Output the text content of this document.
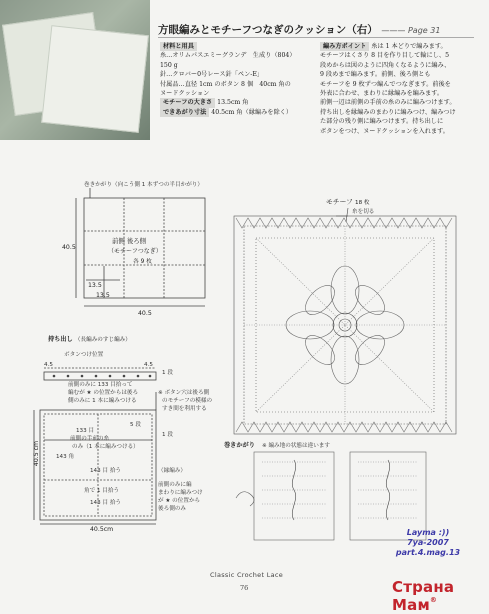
方眼編みとモチーフつなぎのクッション（右） ——— Page 31
材料と用具
糸…オリムパスエミーグランデ　生成り（804）
150 g
針…クロバー0号レース針「ペン-E」
付属品…直径 1cm のボタン 8 個　40cm 角の
ヌードクッション
モチーフの大きさ 13.5cm 角
できあがり寸法 40.5cm 角（縁編みを除く）
編み方ポイント 糸は 1 本どりで編みます。
モチーフはくさり 8 目を作り目して輪にし、5
段めからは図のように四角くなるように編み、
9 段めまで編みます。前側、後ろ側とも
モチーフを 9 枚ずつ編んでつなぎます。前後を
外表に合わせ、まわりに縁編みを編みます。
前側一辺は前側の手前の糸のみに編みつけます。
持ち出しを縁編みのまわりに編みつけ、編みつけ
た部分の残り側に編みつけます。持ち出しに
ボタンをつけ、ヌードクッションを入れます。
巻きかがり（向こう側 1 本ずつの半目かがり）
前側 後ろ側
（モチーフつなぎ）
各 9 枚
40.5
40.5
13.5
13.5
モチーフ 18 枚
糸を切る
持ち出し （長編みのすじ編み）
ボタンつけ位置
4.5	4.5
1 段
前側のみに 133 目拾って
編むが ★ の位置からは後ろ
側のみに 1 本に編みつける
※ ボタン穴は後ろ側
のモチーフの模様の
すき間を利用する
5 段
1 段
133 目
前側の手前の糸
のみ（1 本に編みつける）
143 角
143 目 拾う
角で 1 目拾う
143 目 拾う
40.5 cm
40.5cm
（縁編み）
前側のみに編
まわりに編みつけ
が ★ の位置から
後ろ側のみ
巻きかがり ※ 編み地の状態は違います
Layma :))
7ya-2007
part.4.mag.13
Classic Crochet Lace
76	Страна Мам®
